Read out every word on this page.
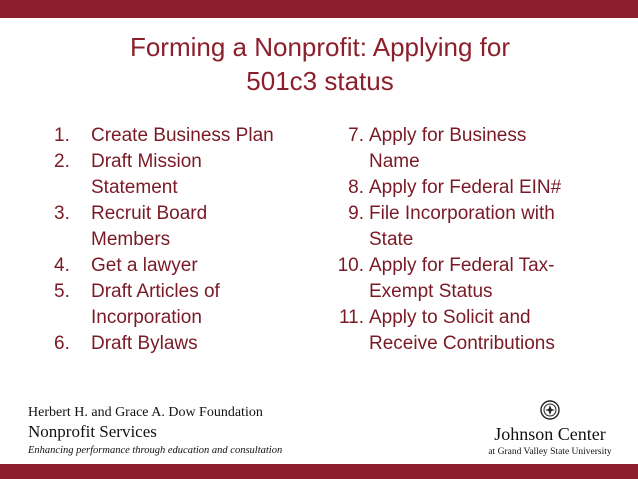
Forming a Nonprofit: Applying for
501c3 status
1. Create Business Plan
2. Draft Mission
Statement
3. Recruit Board
Members
4. Get a lawyer
5. Draft Articles of
Incorporation
6. Draft Bylaws
7. Apply for Business
Name
8. Apply for Federal EIN#
9. File Incorporation with
State
10. Apply for Federal Tax-
Exempt Status
11. Apply to Solicit and
Receive Contributions
Herbert H. and Grace A. Dow Foundation
Nonprofit Services
Enhancing performance through education and consultation
Johnson Center
at Grand Valley State University
